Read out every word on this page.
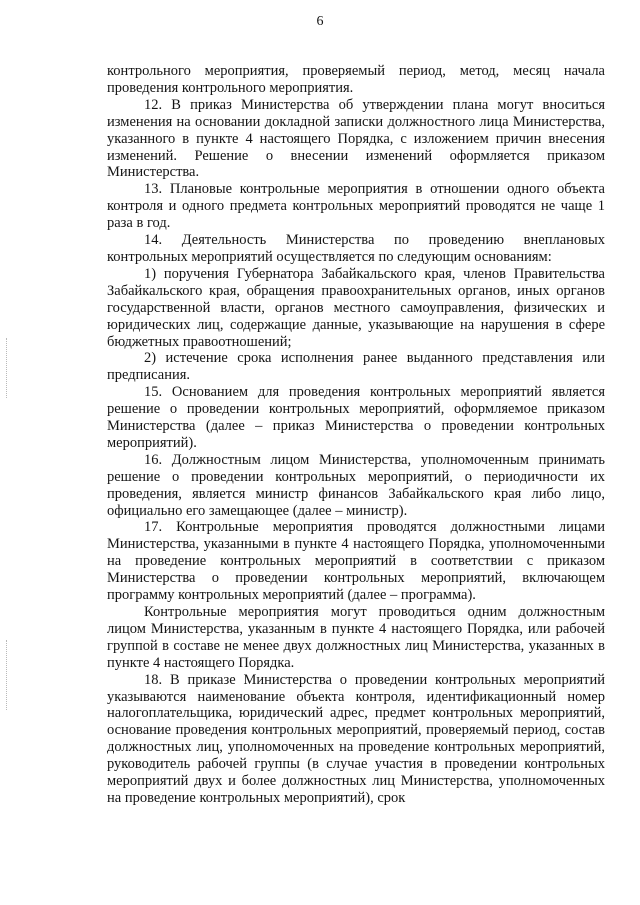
6

контрольного мероприятия, проверяемый период, метод, месяц начала проведения контрольного мероприятия.

12. В приказ Министерства об утверждении плана могут вноситься изменения на основании докладной записки должностного лица Министерства, указанного в пункте 4 настоящего Порядка, с изложением причин внесения изменений. Решение о внесении изменений оформляется приказом Министерства.

13. Плановые контрольные мероприятия в отношении одного объекта контроля и одного предмета контрольных мероприятий проводятся не чаще 1 раза в год.

14. Деятельность Министерства по проведению внеплановых контрольных мероприятий осуществляется по следующим основаниям:

1) поручения Губернатора Забайкальского края, членов Правительства Забайкальского края, обращения правоохранительных органов, иных органов государственной власти, органов местного самоуправления, физических и юридических лиц, содержащие данные, указывающие на нарушения в сфере бюджетных правоотношений;

2) истечение срока исполнения ранее выданного представления или предписания.

15. Основанием для проведения контрольных мероприятий является решение о проведении контрольных мероприятий, оформляемое приказом Министерства (далее – приказ Министерства о проведении контрольных мероприятий).

16. Должностным лицом Министерства, уполномоченным принимать решение о проведении контрольных мероприятий, о периодичности их проведения, является министр финансов Забайкальского края либо лицо, официально его замещающее (далее – министр).

17. Контрольные мероприятия проводятся должностными лицами Министерства, указанными в пункте 4 настоящего Порядка, уполномоченными на проведение контрольных мероприятий в соответствии с приказом Министерства о проведении контрольных мероприятий, включающем программу контрольных мероприятий (далее – программа).

Контрольные мероприятия могут проводиться одним должностным лицом Министерства, указанным в пункте 4 настоящего Порядка, или рабочей группой в составе не менее двух должностных лиц Министерства, указанных в пункте 4 настоящего Порядка.

18. В приказе Министерства о проведении контрольных мероприятий указываются наименование объекта контроля, идентификационный номер налогоплательщика, юридический адрес, предмет контрольных мероприятий, основание проведения контрольных мероприятий, проверяемый период, состав должностных лиц, уполномоченных на проведение контрольных мероприятий, руководитель рабочей группы (в случае участия в проведении контрольных мероприятий двух и более должностных лиц Министерства, уполномоченных на проведение контрольных мероприятий), срок
